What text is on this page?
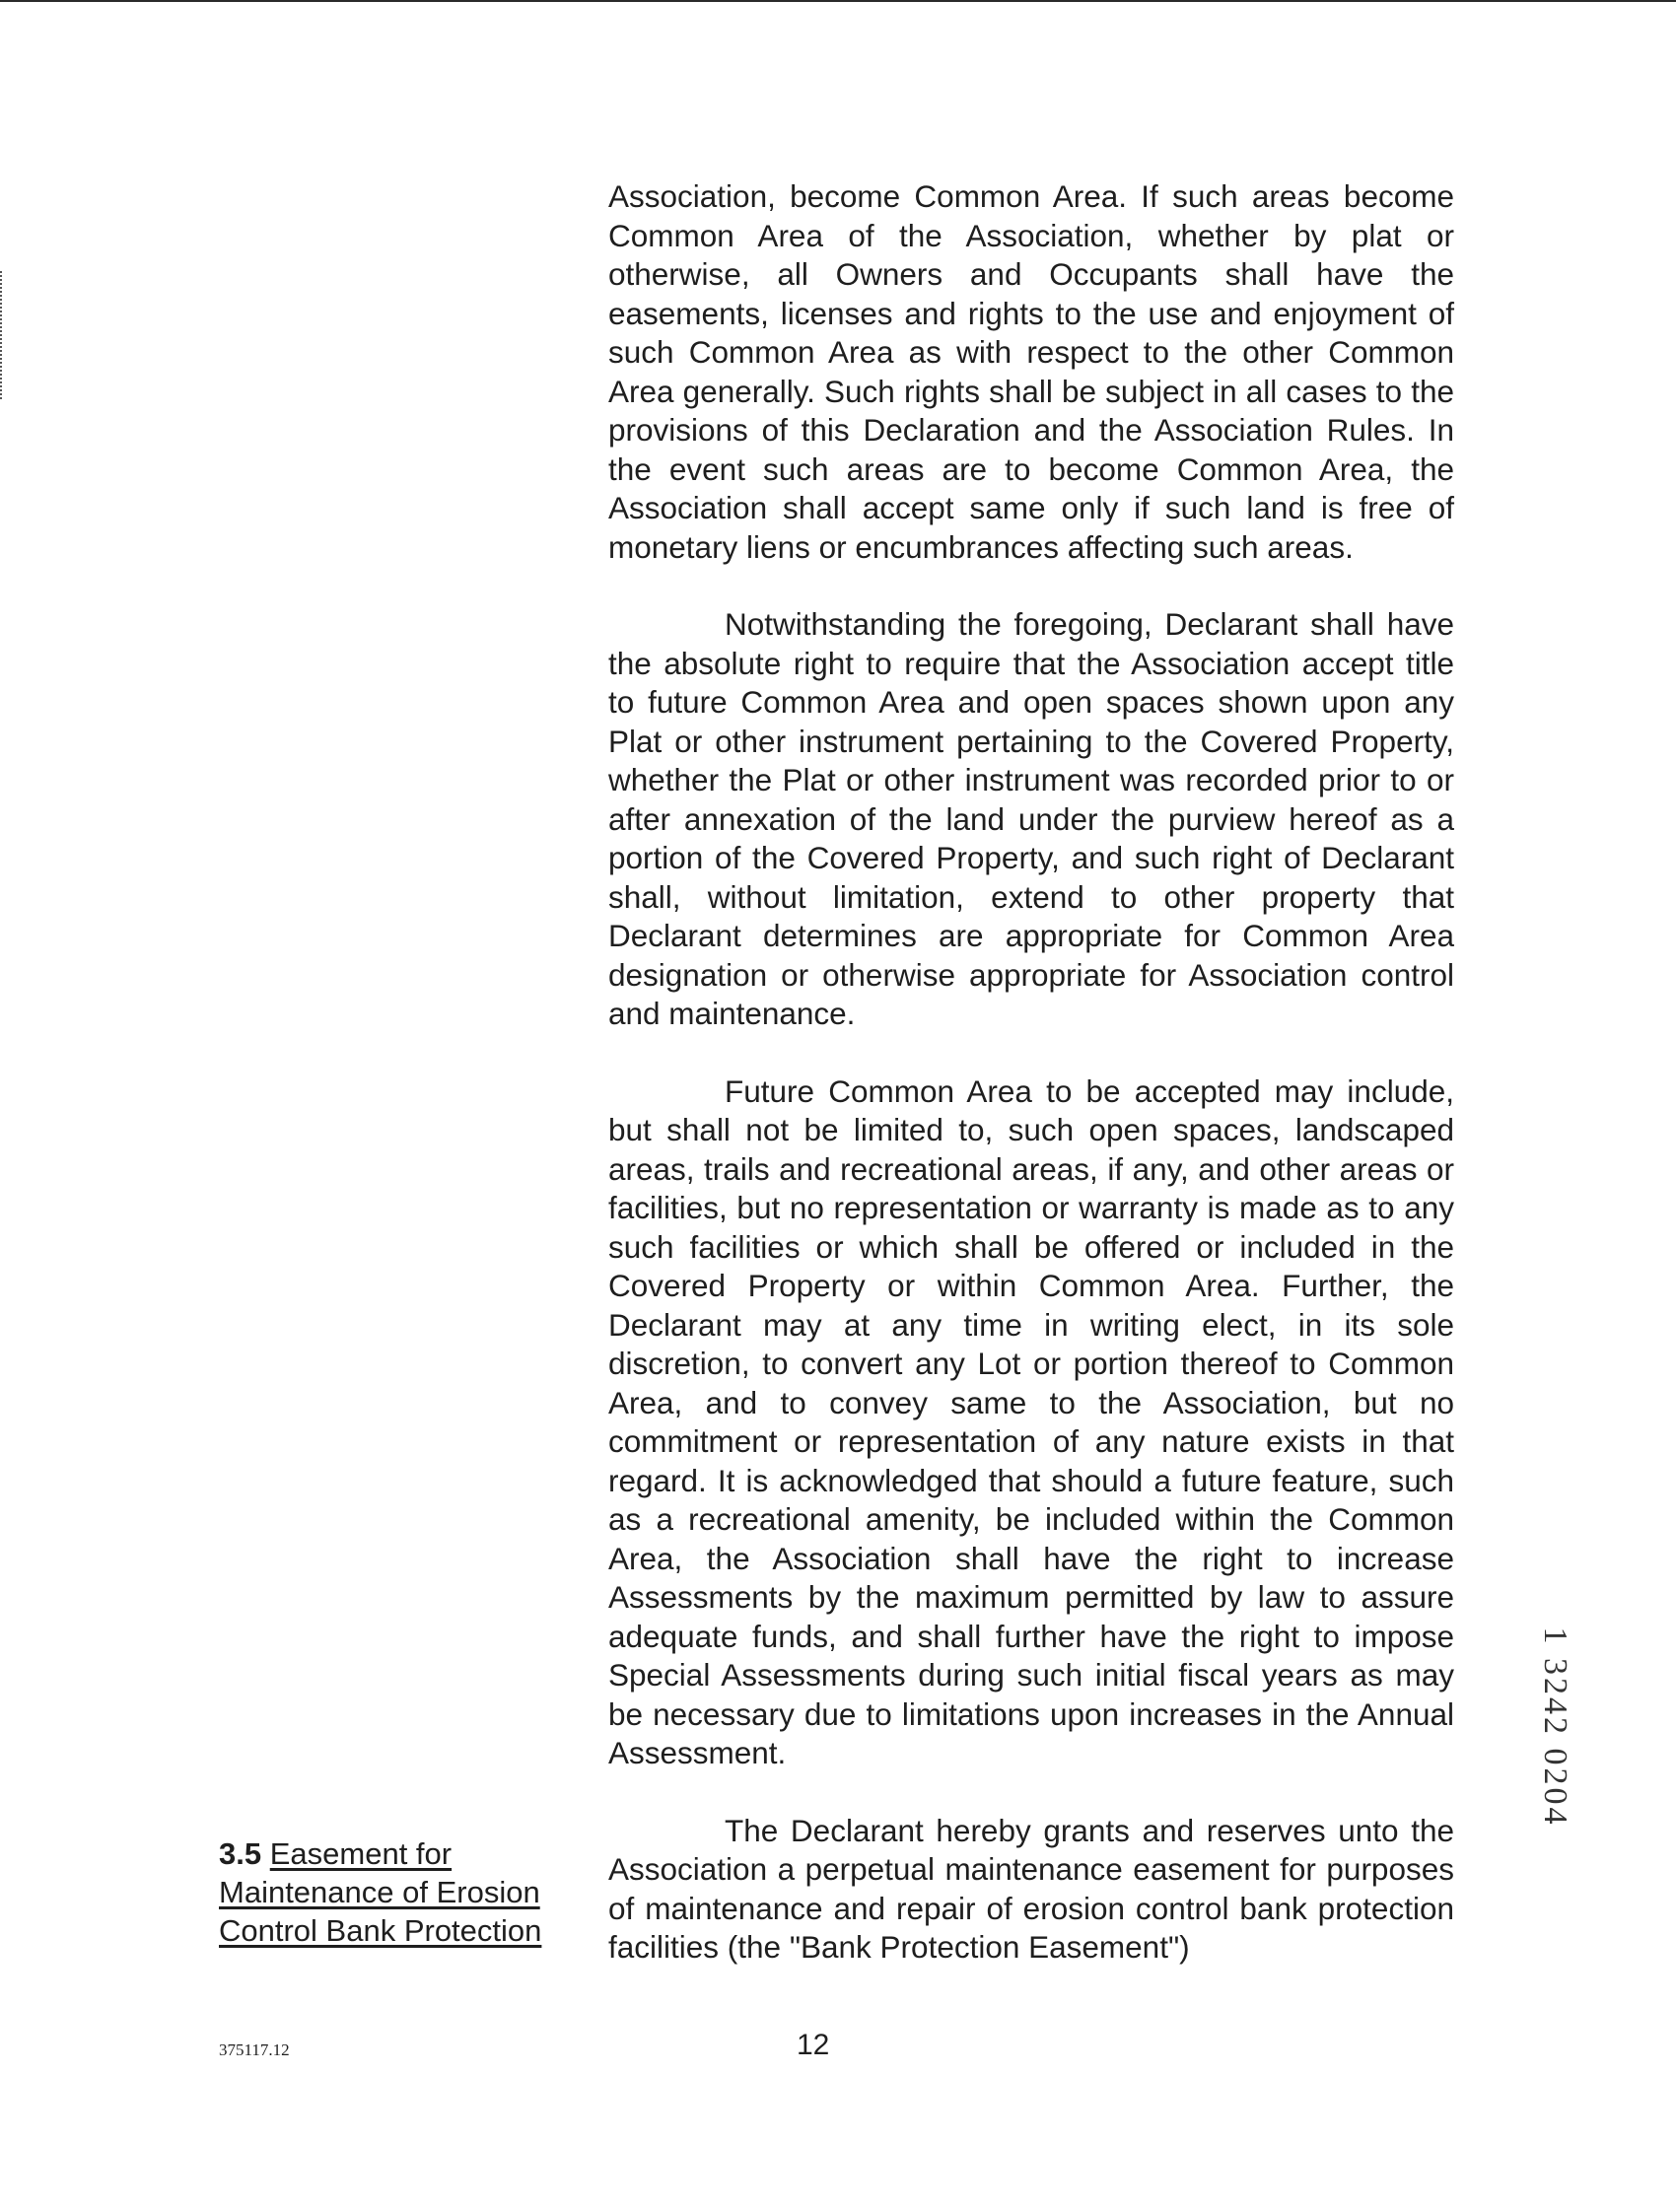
Association, become Common Area. If such areas become Common Area of the Association, whether by plat or otherwise, all Owners and Occupants shall have the easements, licenses and rights to the use and enjoyment of such Common Area as with respect to the other Common Area generally. Such rights shall be subject in all cases to the provisions of this Declaration and the Association Rules. In the event such areas are to become Common Area, the Association shall accept same only if such land is free of monetary liens or encumbrances affecting such areas.

Notwithstanding the foregoing, Declarant shall have the absolute right to require that the Association accept title to future Common Area and open spaces shown upon any Plat or other instrument pertaining to the Covered Property, whether the Plat or other instrument was recorded prior to or after annexation of the land under the purview hereof as a portion of the Covered Property, and such right of Declarant shall, without limitation, extend to other property that Declarant determines are appropriate for Common Area designation or otherwise appropriate for Association control and maintenance.

Future Common Area to be accepted may include, but shall not be limited to, such open spaces, landscaped areas, trails and recreational areas, if any, and other areas or facilities, but no representation or warranty is made as to any such facilities or which shall be offered or included in the Covered Property or within Common Area. Further, the Declarant may at any time in writing elect, in its sole discretion, to convert any Lot or portion thereof to Common Area, and to convey same to the Association, but no commitment or representation of any nature exists in that regard. It is acknowledged that should a future feature, such as a recreational amenity, be included within the Common Area, the Association shall have the right to increase Assessments by the maximum permitted by law to assure adequate funds, and shall further have the right to impose Special Assessments during such initial fiscal years as may be necessary due to limitations upon increases in the Annual Assessment.

The Declarant hereby grants and reserves unto the Association a perpetual maintenance easement for purposes of maintenance and repair of erosion control bank protection facilities (the "Bank Protection Easement")

3.5 Easement for Maintenance of Erosion Control Bank Protection
375117.12	12
1 3242 0204
